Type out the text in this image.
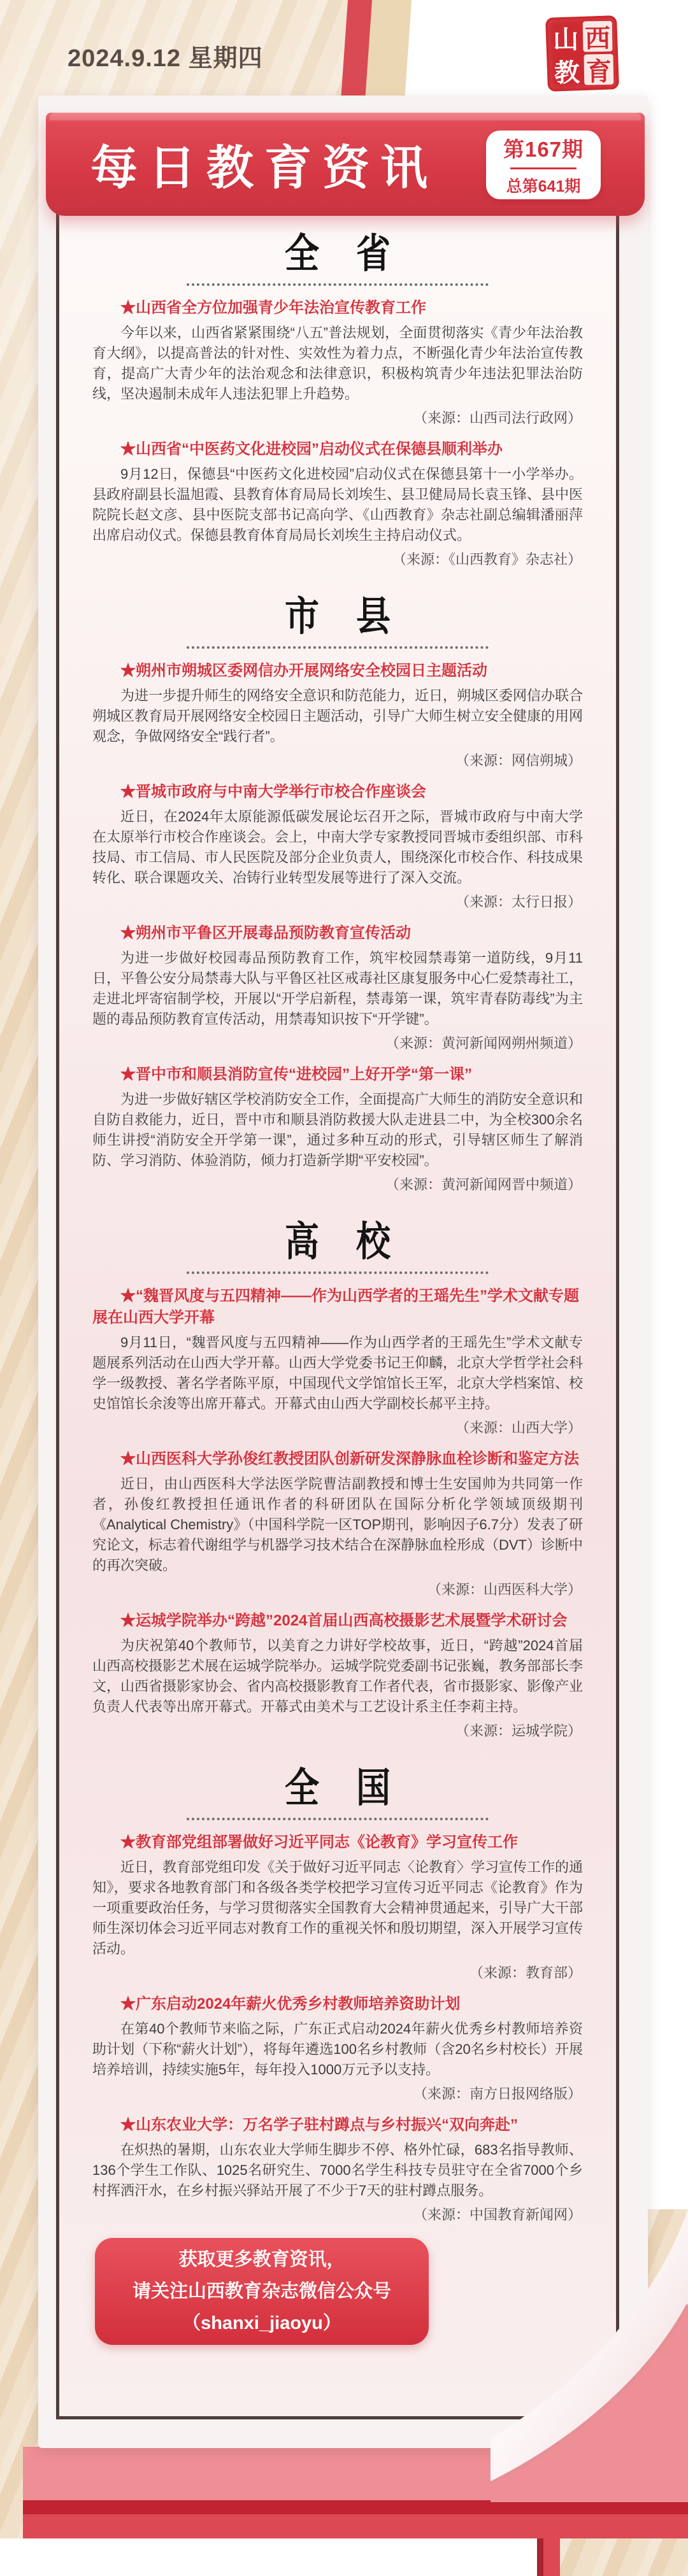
2024.9.12 星期四
山 西
教 育
全省
★山西省全方位加强青少年法治宣传教育工作

今年以来，山西省紧紧围绕“八五”普法规划，全面贯彻落实《青少年法治教育大纲》，以提高普法的针对性、实效性为着力点，不断强化青少年法治宣传教育，提高广大青少年的法治观念和法律意识，积极构筑青少年违法犯罪法治防线，坚决遏制未成年人违法犯罪上升趋势。

（来源：山西司法行政网）

★山西省“中医药文化进校园”启动仪式在保德县顺利举办

9月12日，保德县“中医药文化进校园”启动仪式在保德县第十一小学举办。县政府副县长温旭霞、县教育体育局局长刘埃生、县卫健局局长袁玉锋、县中医院院长赵文彦、县中医院支部书记高向学、《山西教育》杂志社副总编辑潘丽萍出席启动仪式。保德县教育体育局局长刘埃生主持启动仪式。

（来源：《山西教育》杂志社）

市县
★朔州市朔城区委网信办开展网络安全校园日主题活动

为进一步提升师生的网络安全意识和防范能力，近日，朔城区委网信办联合朔城区教育局开展网络安全校园日主题活动，引导广大师生树立安全健康的用网观念，争做网络安全“践行者”。

（来源：网信朔城）

★晋城市政府与中南大学举行市校合作座谈会

近日，在2024年太原能源低碳发展论坛召开之际，晋城市政府与中南大学在太原举行市校合作座谈会。会上，中南大学专家教授同晋城市委组织部、市科技局、市工信局、市人民医院及部分企业负责人，围绕深化市校合作、科技成果转化、联合课题攻关、冶铸行业转型发展等进行了深入交流。

（来源：太行日报）

★朔州市平鲁区开展毒品预防教育宣传活动

为进一步做好校园毒品预防教育工作，筑牢校园禁毒第一道防线，9月11日，平鲁公安分局禁毒大队与平鲁区社区戒毒社区康复服务中心仁爱禁毒社工，走进北坪寄宿制学校，开展以“开学启新程，禁毒第一课，筑牢青春防毒线”为主题的毒品预防教育宣传活动，用禁毒知识按下“开学键”。

（来源：黄河新闻网朔州频道）

★晋中市和顺县消防宣传“进校园”上好开学“第一课”

为进一步做好辖区学校消防安全工作，全面提高广大师生的消防安全意识和自防自救能力，近日，晋中市和顺县消防救援大队走进县二中，为全校300余名师生讲授“消防安全开学第一课”，通过多种互动的形式，引导辖区师生了解消防、学习消防、体验消防，倾力打造新学期“平安校园”。

（来源：黄河新闻网晋中频道）

高校
★“魏晋风度与五四精神——作为山西学者的王瑶先生”学术文献专题展在山西大学开幕

9月11日，“魏晋风度与五四精神——作为山西学者的王瑶先生”学术文献专题展系列活动在山西大学开幕。山西大学党委书记王仰麟，北京大学哲学社会科学一级教授、著名学者陈平原，中国现代文学馆馆长王军，北京大学档案馆、校史馆馆长余浚等出席开幕式。开幕式由山西大学副校长郝平主持。

（来源：山西大学）

★山西医科大学孙俊红教授团队创新研发深静脉血栓诊断和鉴定方法

近日，由山西医科大学法医学院曹洁副教授和博士生安国帅为共同第一作者，孙俊红教授担任通讯作者的科研团队在国际分析化学领域顶级期刊《Analytical Chemistry》（中国科学院一区TOP期刊，影响因子6.7分）发表了研究论文，标志着代谢组学与机器学习技术结合在深静脉血栓形成（DVT）诊断中的再次突破。

（来源：山西医科大学）

★运城学院举办“跨越”2024首届山西高校摄影艺术展暨学术研讨会

为庆祝第40个教师节，以美育之力讲好学校故事，近日，“跨越”2024首届山西高校摄影艺术展在运城学院举办。运城学院党委副书记张巍，教务部部长李文，山西省摄影家协会、省内高校摄影教育工作者代表，省市摄影家、影像产业负责人代表等出席开幕式。开幕式由美术与工艺设计系主任李莉主持。

（来源：运城学院）

全国
★教育部党组部署做好习近平同志《论教育》学习宣传工作

近日，教育部党组印发《关于做好习近平同志〈论教育〉学习宣传工作的通知》，要求各地教育部门和各级各类学校把学习宣传习近平同志《论教育》作为一项重要政治任务，与学习贯彻落实全国教育大会精神贯通起来，引导广大干部师生深切体会习近平同志对教育工作的重视关怀和殷切期望，深入开展学习宣传活动。

（来源：教育部）

★广东启动2024年薪火优秀乡村教师培养资助计划

在第40个教师节来临之际，广东正式启动2024年薪火优秀乡村教师培养资助计划（下称“薪火计划”），将每年遴选100名乡村教师（含20名乡村校长）开展培养培训，持续实施5年，每年投入1000万元予以支持。

（来源：南方日报网络版）

★山东农业大学：万名学子驻村蹲点与乡村振兴“双向奔赴”

在炽热的暑期，山东农业大学师生脚步不停、格外忙碌，683名指导教师、136个学生工作队、1025名研究生、7000名学生科技专员驻守在全省7000个乡村挥洒汗水，在乡村振兴驿站开展了不少于7天的驻村蹲点服务。

（来源：中国教育新闻网）

获取更多教育资讯，

请关注山西教育杂志微信公众号

（shanxi_jiaoyu）

每日教育资讯	第167期
总第641期
